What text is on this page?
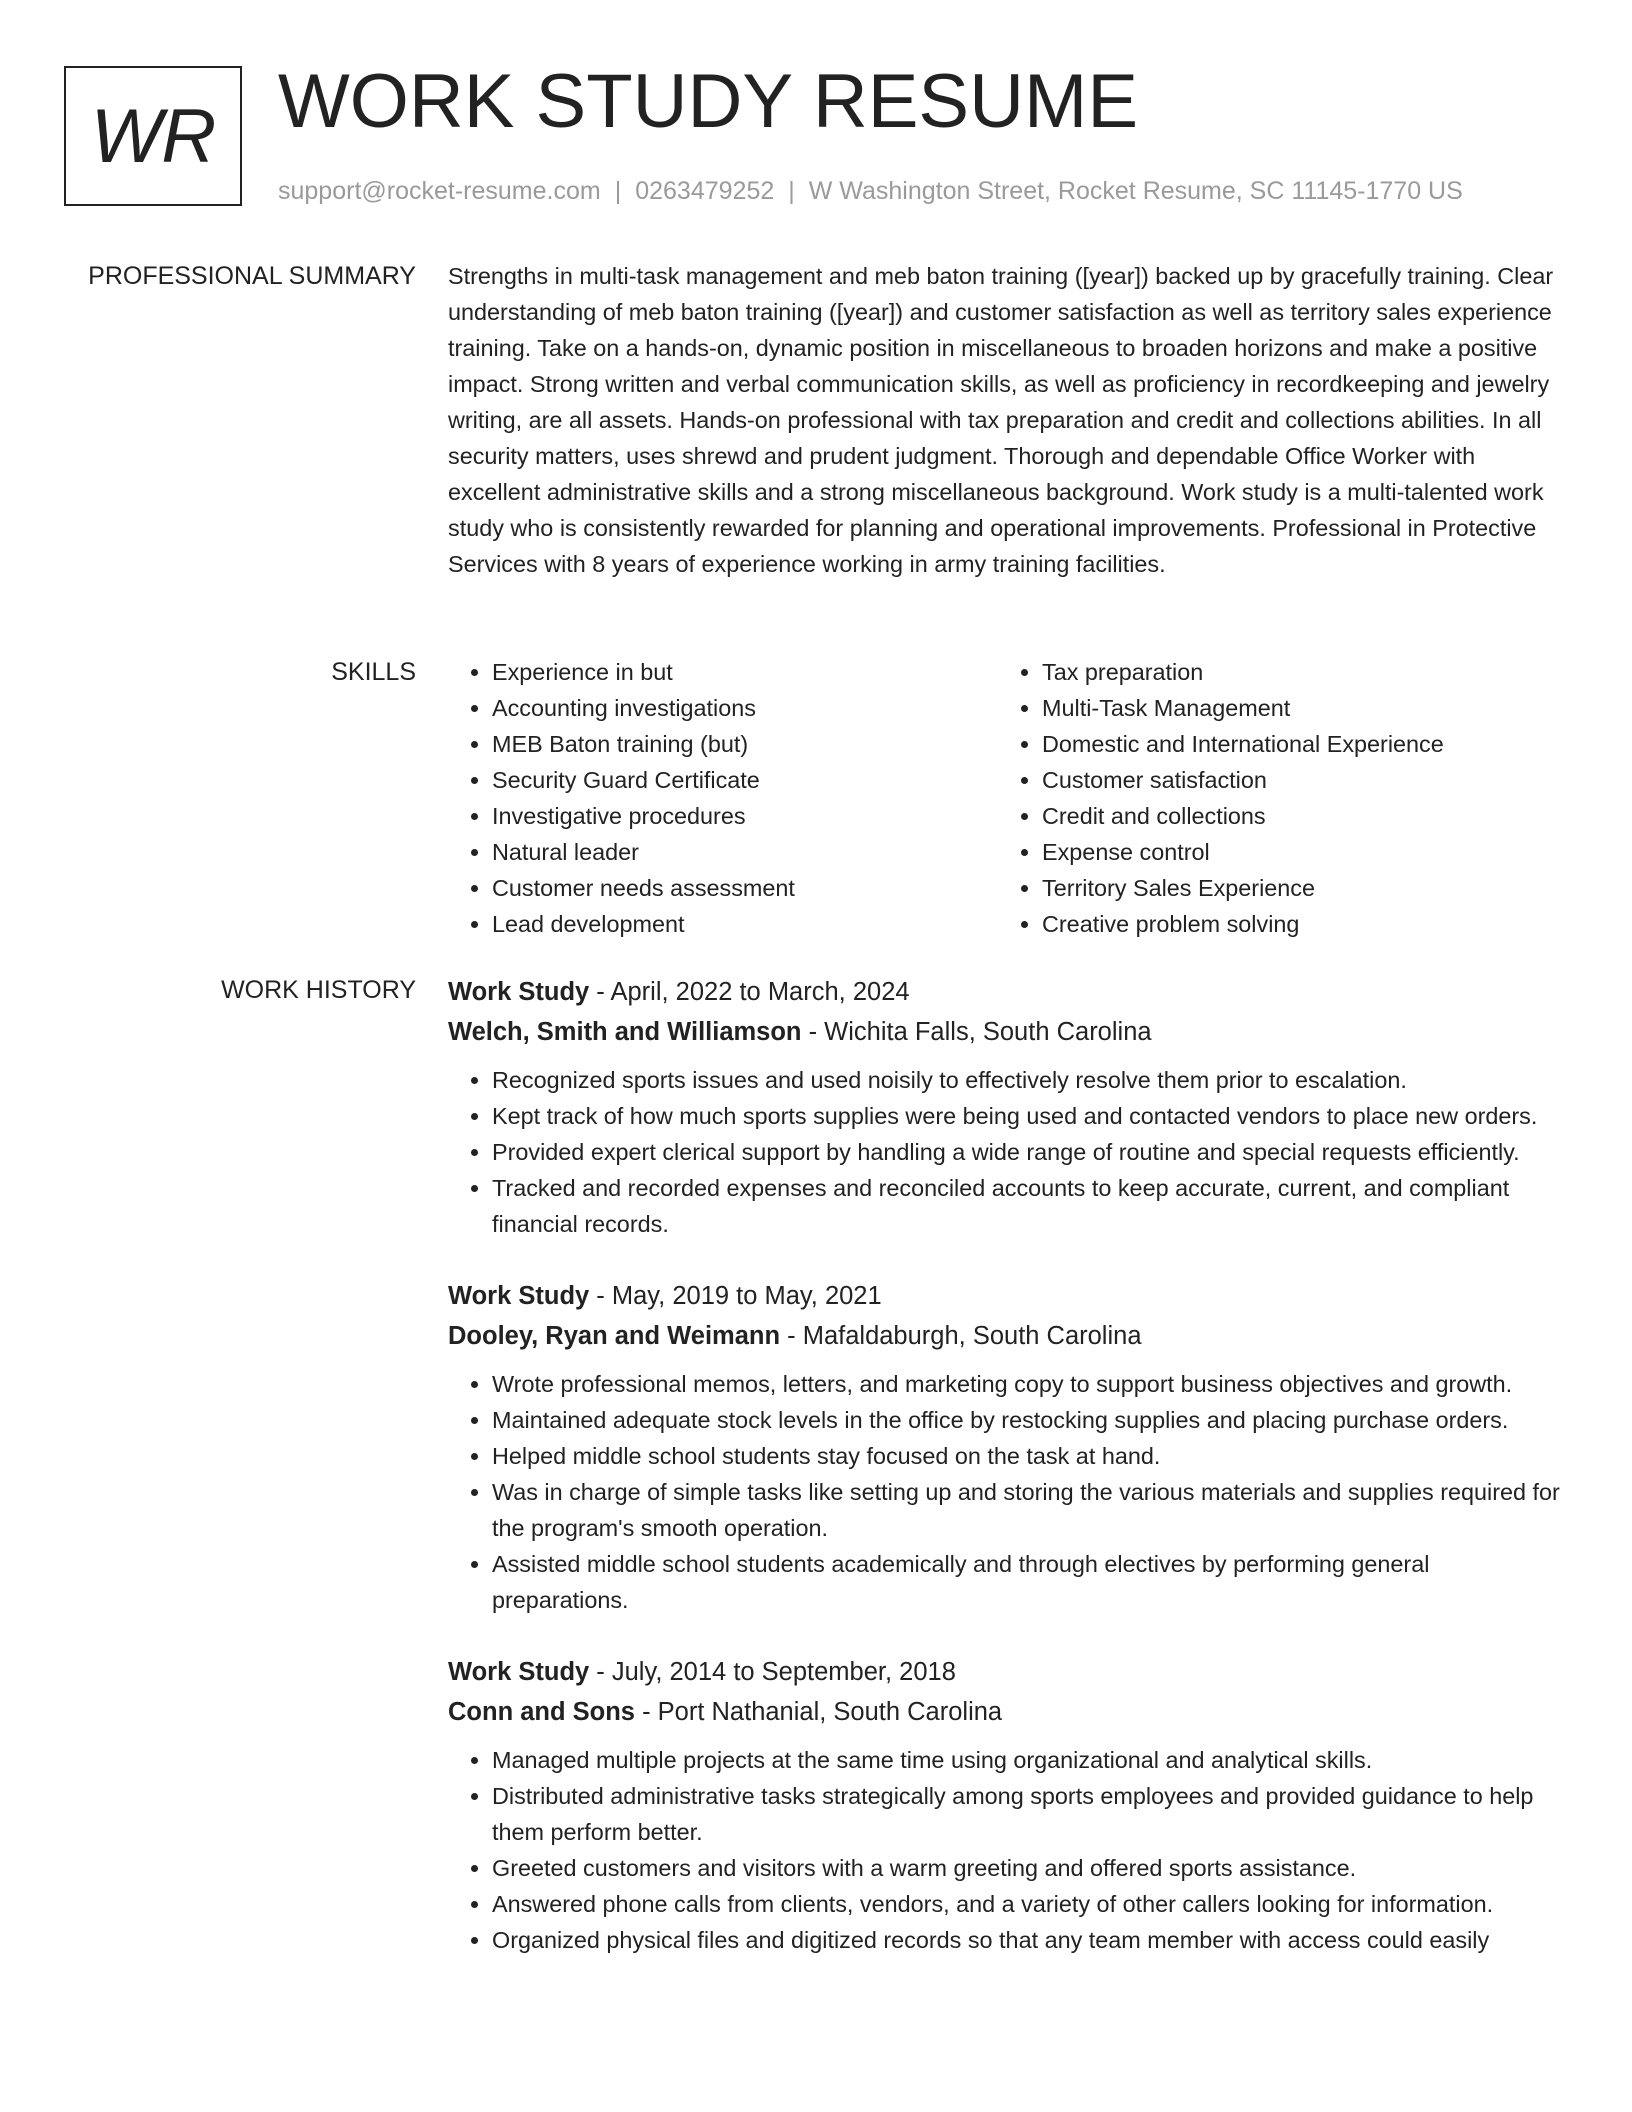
WR WORK STUDY RESUME
support@rocket-resume.com | 0263479252 | W Washington Street, Rocket Resume, SC 11145-1770 US
PROFESSIONAL SUMMARY Strengths in multi-task management and meb baton training ([year]) backed up by gracefully training. Clear understanding of meb baton training ([year]) and customer satisfaction as well as territory sales experience training. Take on a hands-on, dynamic position in miscellaneous to broaden horizons and make a positive impact. Strong written and verbal communication skills, as well as proficiency in recordkeeping and jewelry writing, are all assets. Hands-on professional with tax preparation and credit and collections abilities. In all security matters, uses shrewd and prudent judgment. Thorough and dependable Office Worker with excellent administrative skills and a strong miscellaneous background. Work study is a multi-talented work study who is consistently rewarded for planning and operational improvements. Professional in Protective Services with 8 years of experience working in army training facilities.

SKILLS
•	Experience in but
• Accounting investigations
• MEB Baton training (but)
• Security Guard Certificate
• Investigative procedures
• Natural leader
• Customer needs assessment
• Lead development
• Tax preparation
• Multi-Task Management
• Domestic and International Experience
• Customer satisfaction
• Credit and collections
• Expense control
• Territory Sales Experience
• Creative problem solving
WORK HISTORY Work Study - April, 2022 to March, 2024
Welch, Smith and Williamson - Wichita Falls, South Carolina
• Recognized sports issues and used noisily to effectively resolve them prior to escalation.
• Kept track of how much sports supplies were being used and contacted vendors to place new orders.
• Provided expert clerical support by handling a wide range of routine and special requests efficiently.
• Tracked and recorded expenses and reconciled accounts to keep accurate, current, and compliant financial records.
Work Study - May, 2019 to May, 2021
Dooley, Ryan and Weimann - Mafaldaburgh, South Carolina
• Wrote professional memos, letters, and marketing copy to support business objectives and growth.
• Maintained adequate stock levels in the office by restocking supplies and placing purchase orders.
• Helped middle school students stay focused on the task at hand.
• Was in charge of simple tasks like setting up and storing the various materials and supplies required for the program's smooth operation.
• Assisted middle school students academically and through electives by performing general preparations.
Work Study - July, 2014 to September, 2018
Conn and Sons - Port Nathanial, South Carolina
• Managed multiple projects at the same time using organizational and analytical skills.
• Distributed administrative tasks strategically among sports employees and provided guidance to help them perform better.
• Greeted customers and visitors with a warm greeting and offered sports assistance.
• Answered phone calls from clients, vendors, and a variety of other callers looking for information.
• Organized physical files and digitized records so that any team member with access could easily
